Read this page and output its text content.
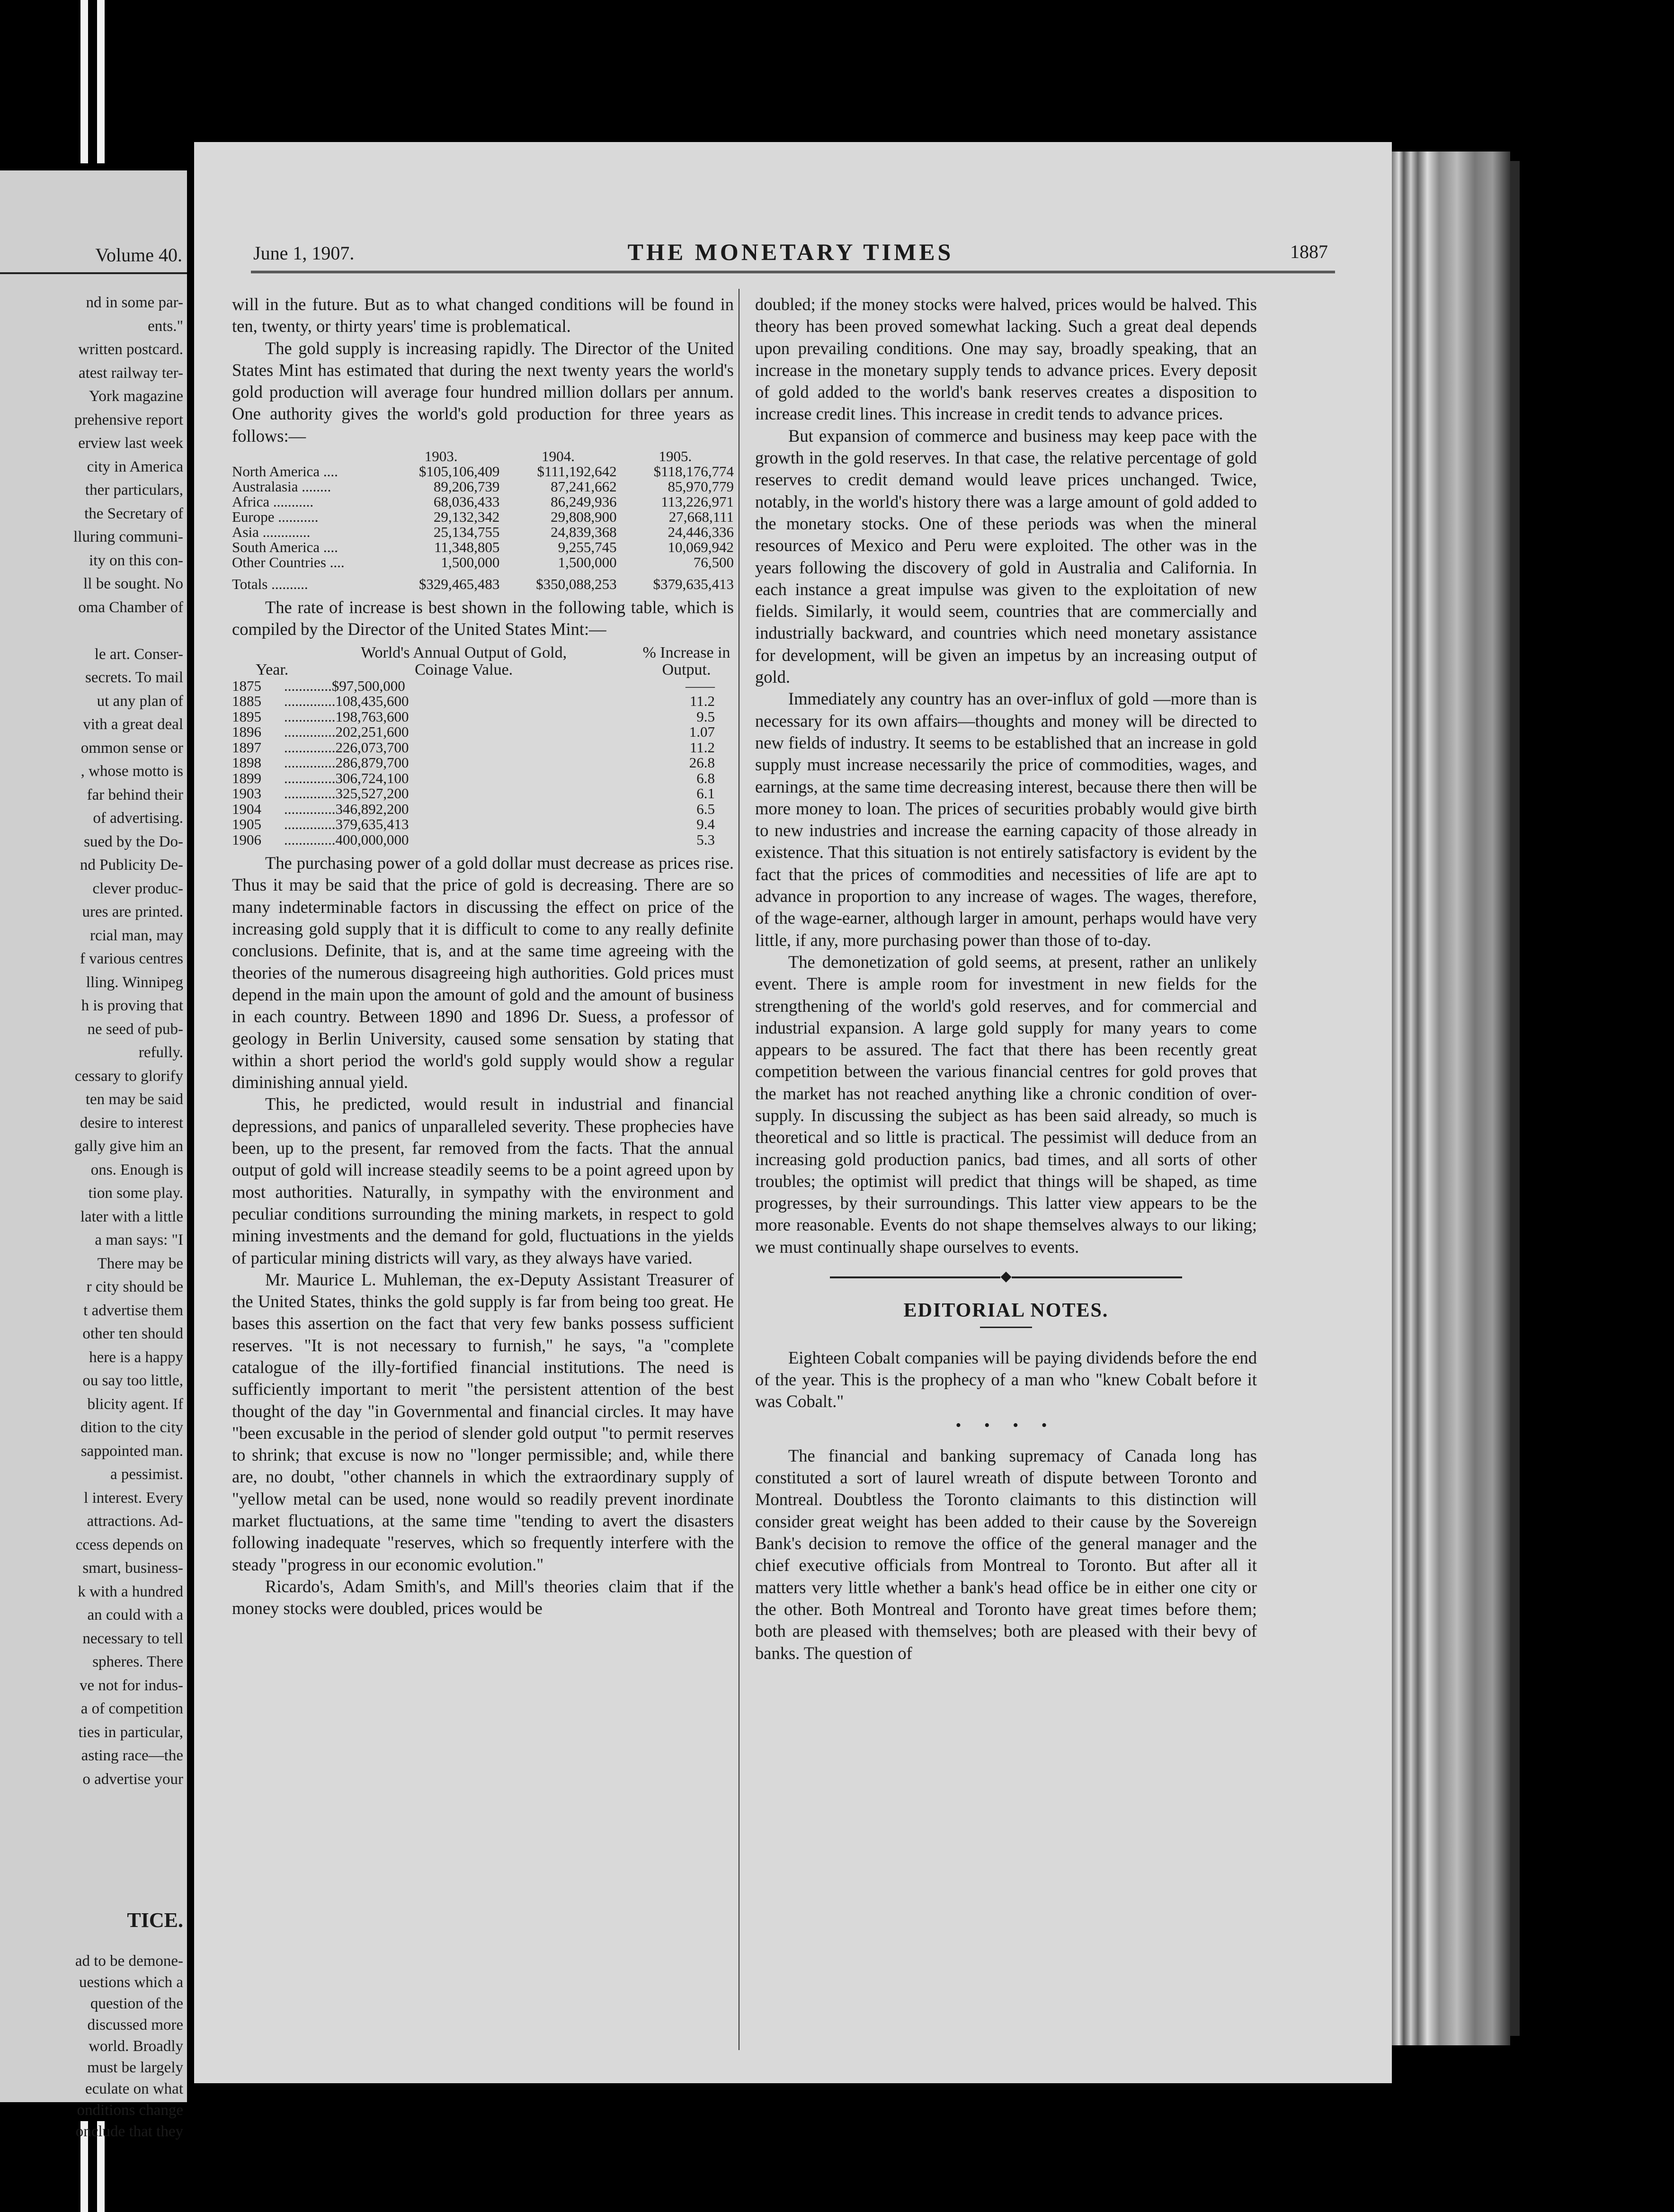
Volume 40.
nd in some par-
ents."
written postcard.
atest railway ter-
York magazine
prehensive report
erview last week
city in America
ther particulars,
the Secretary of
lluring communi-
ity on this con-
ll be sought. No
oma Chamber of
le art. Conser-
secrets. To mail
ut any plan of
vith a great deal
ommon sense or
, whose motto is
far behind their
of advertising.
sued by the Do-
nd Publicity De-
clever produc-
ures are printed.
rcial man, may
f various centres
lling. Winnipeg
h is proving that
ne seed of pub-
refully.
cessary to glorify
ten may be said
desire to interest
gally give him an
ons. Enough is
tion some play.
later with a little
a man says: "I
There may be
r city should be
t advertise them
other ten should
here is a happy
ou say too little,
blicity agent. If
dition to the city
sappointed man.
a pessimist.
l interest. Every
attractions. Ad-
ccess depends on
smart, business-
k with a hundred
an could with a
necessary to tell
spheres. There
ve not for indus-
a of competition
ties in particular,
asting race—the
o advertise your
TICE.
ad to be demone-
uestions which a
question of the
discussed more
world. Broadly
must be largely
eculate on what
onditions change
onclude that they
June 1, 1907.	THE MONETARY TIMES	1887

will in the future. But as to what changed conditions will be found in ten, twenty, or thirty years' time is problematical.

The gold supply is increasing rapidly. The Director of the United States Mint has estimated that during the next twenty years the world's gold production will average four hundred million dollars per annum. One authority gives the world's gold production for three years as follows:—

	1903.	1904.	1905.
North America ....	$105,106,409	$111,192,642	$118,176,774
Australasia ........	89,206,739	87,241,662	85,970,779
Africa ...........	68,036,433	86,249,936	113,226,971
Europe ...........	29,132,342	29,808,900	27,668,111
Asia .............	25,134,755	24,839,368	24,446,336
South America ....	11,348,805	9,255,745	10,069,942
Other Countries ....	1,500,000	1,500,000	76,500
Totals ..........	$329,465,483	$350,088,253	$379,635,413

The rate of increase is best shown in the following table, which is compiled by the Director of the United States Mint:—

Year.
World's Annual Output of Gold, Coinage Value.
% Increase in Output.
1875	.............$97,500,000	——
1885	..............108,435,600	11.2
1895	..............198,763,600	9.5
1896	..............202,251,600	1.07
1897	..............226,073,700	11.2
1898	..............286,879,700	26.8
1899	..............306,724,100	6.8
1903	..............325,527,200	6.1
1904	..............346,892,200	6.5
1905	..............379,635,413	9.4
1906	..............400,000,000	5.3

The purchasing power of a gold dollar must decrease as prices rise. Thus it may be said that the price of gold is decreasing. There are so many indeterminable factors in discussing the effect on price of the increasing gold supply that it is difficult to come to any really definite conclusions. Definite, that is, and at the same time agreeing with the theories of the numerous disagreeing high authorities. Gold prices must depend in the main upon the amount of gold and the amount of business in each country. Between 1890 and 1896 Dr. Suess, a professor of geology in Berlin University, caused some sensation by stating that within a short period the world's gold supply would show a regular diminishing annual yield.

This, he predicted, would result in industrial and financial depressions, and panics of unparalleled severity. These prophecies have been, up to the present, far removed from the facts. That the annual output of gold will increase steadily seems to be a point agreed upon by most authorities. Naturally, in sympathy with the environment and peculiar conditions surrounding the mining markets, in respect to gold mining investments and the demand for gold, fluctuations in the yields of particular mining districts will vary, as they always have varied.

Mr. Maurice L. Muhleman, the ex-Deputy Assistant Treasurer of the United States, thinks the gold supply is far from being too great. He bases this assertion on the fact that very few banks possess sufficient reserves. "It is not necessary to furnish," he says, "a "complete catalogue of the illy-fortified financial institutions. The need is sufficiently important to merit "the persistent attention of the best thought of the day "in Governmental and financial circles. It may have "been excusable in the period of slender gold output "to permit reserves to shrink; that excuse is now no "longer permissible; and, while there are, no doubt, "other channels in which the extraordinary supply of "yellow metal can be used, none would so readily prevent inordinate market fluctuations, at the same time "tending to avert the disasters following inadequate "reserves, which so frequently interfere with the steady "progress in our economic evolution."

Ricardo's, Adam Smith's, and Mill's theories claim that if the money stocks were doubled, prices would be

doubled; if the money stocks were halved, prices would be halved. This theory has been proved somewhat lacking. Such a great deal depends upon prevailing conditions. One may say, broadly speaking, that an increase in the monetary supply tends to advance prices. Every deposit of gold added to the world's bank reserves creates a disposition to increase credit lines. This increase in credit tends to advance prices.

But expansion of commerce and business may keep pace with the growth in the gold reserves. In that case, the relative percentage of gold reserves to credit demand would leave prices unchanged. Twice, notably, in the world's history there was a large amount of gold added to the monetary stocks. One of these periods was when the mineral resources of Mexico and Peru were exploited. The other was in the years following the discovery of gold in Australia and California. In each instance a great impulse was given to the exploitation of new fields. Similarly, it would seem, countries that are commercially and industrially backward, and countries which need monetary assistance for development, will be given an impetus by an increasing output of gold.

Immediately any country has an over-influx of gold —more than is necessary for its own affairs—thoughts and money will be directed to new fields of industry. It seems to be established that an increase in gold supply must increase necessarily the price of commodities, wages, and earnings, at the same time decreasing interest, because there then will be more money to loan. The prices of securities probably would give birth to new industries and increase the earning capacity of those already in existence. That this situation is not entirely satisfactory is evident by the fact that the prices of commodities and necessities of life are apt to advance in proportion to any increase of wages. The wages, therefore, of the wage-earner, although larger in amount, perhaps would have very little, if any, more purchasing power than those of to-day.

The demonetization of gold seems, at present, rather an unlikely event. There is ample room for investment in new fields for the strengthening of the world's gold reserves, and for commercial and industrial expansion. A large gold supply for many years to come appears to be assured. The fact that there has been recently great competition between the various financial centres for gold proves that the market has not reached anything like a chronic condition of over-supply. In discussing the subject as has been said already, so much is theoretical and so little is practical. The pessimist will deduce from an increasing gold production panics, bad times, and all sorts of other troubles; the optimist will predict that things will be shaped, as time progresses, by their surroundings. This latter view appears to be the more reasonable. Events do not shape themselves always to our liking; we must continually shape ourselves to events.

◆
EDITORIAL NOTES.

Eighteen Cobalt companies will be paying dividends before the end of the year. This is the prophecy of a man who "knew Cobalt before it was Cobalt."

• • • •

The financial and banking supremacy of Canada long has constituted a sort of laurel wreath of dispute between Toronto and Montreal. Doubtless the Toronto claimants to this distinction will consider great weight has been added to their cause by the Sovereign Bank's decision to remove the office of the general manager and the chief executive officials from Montreal to Toronto. But after all it matters very little whether a bank's head office be in either one city or the other. Both Montreal and Toronto have great times before them; both are pleased with themselves; both are pleased with their bevy of banks. The question of
